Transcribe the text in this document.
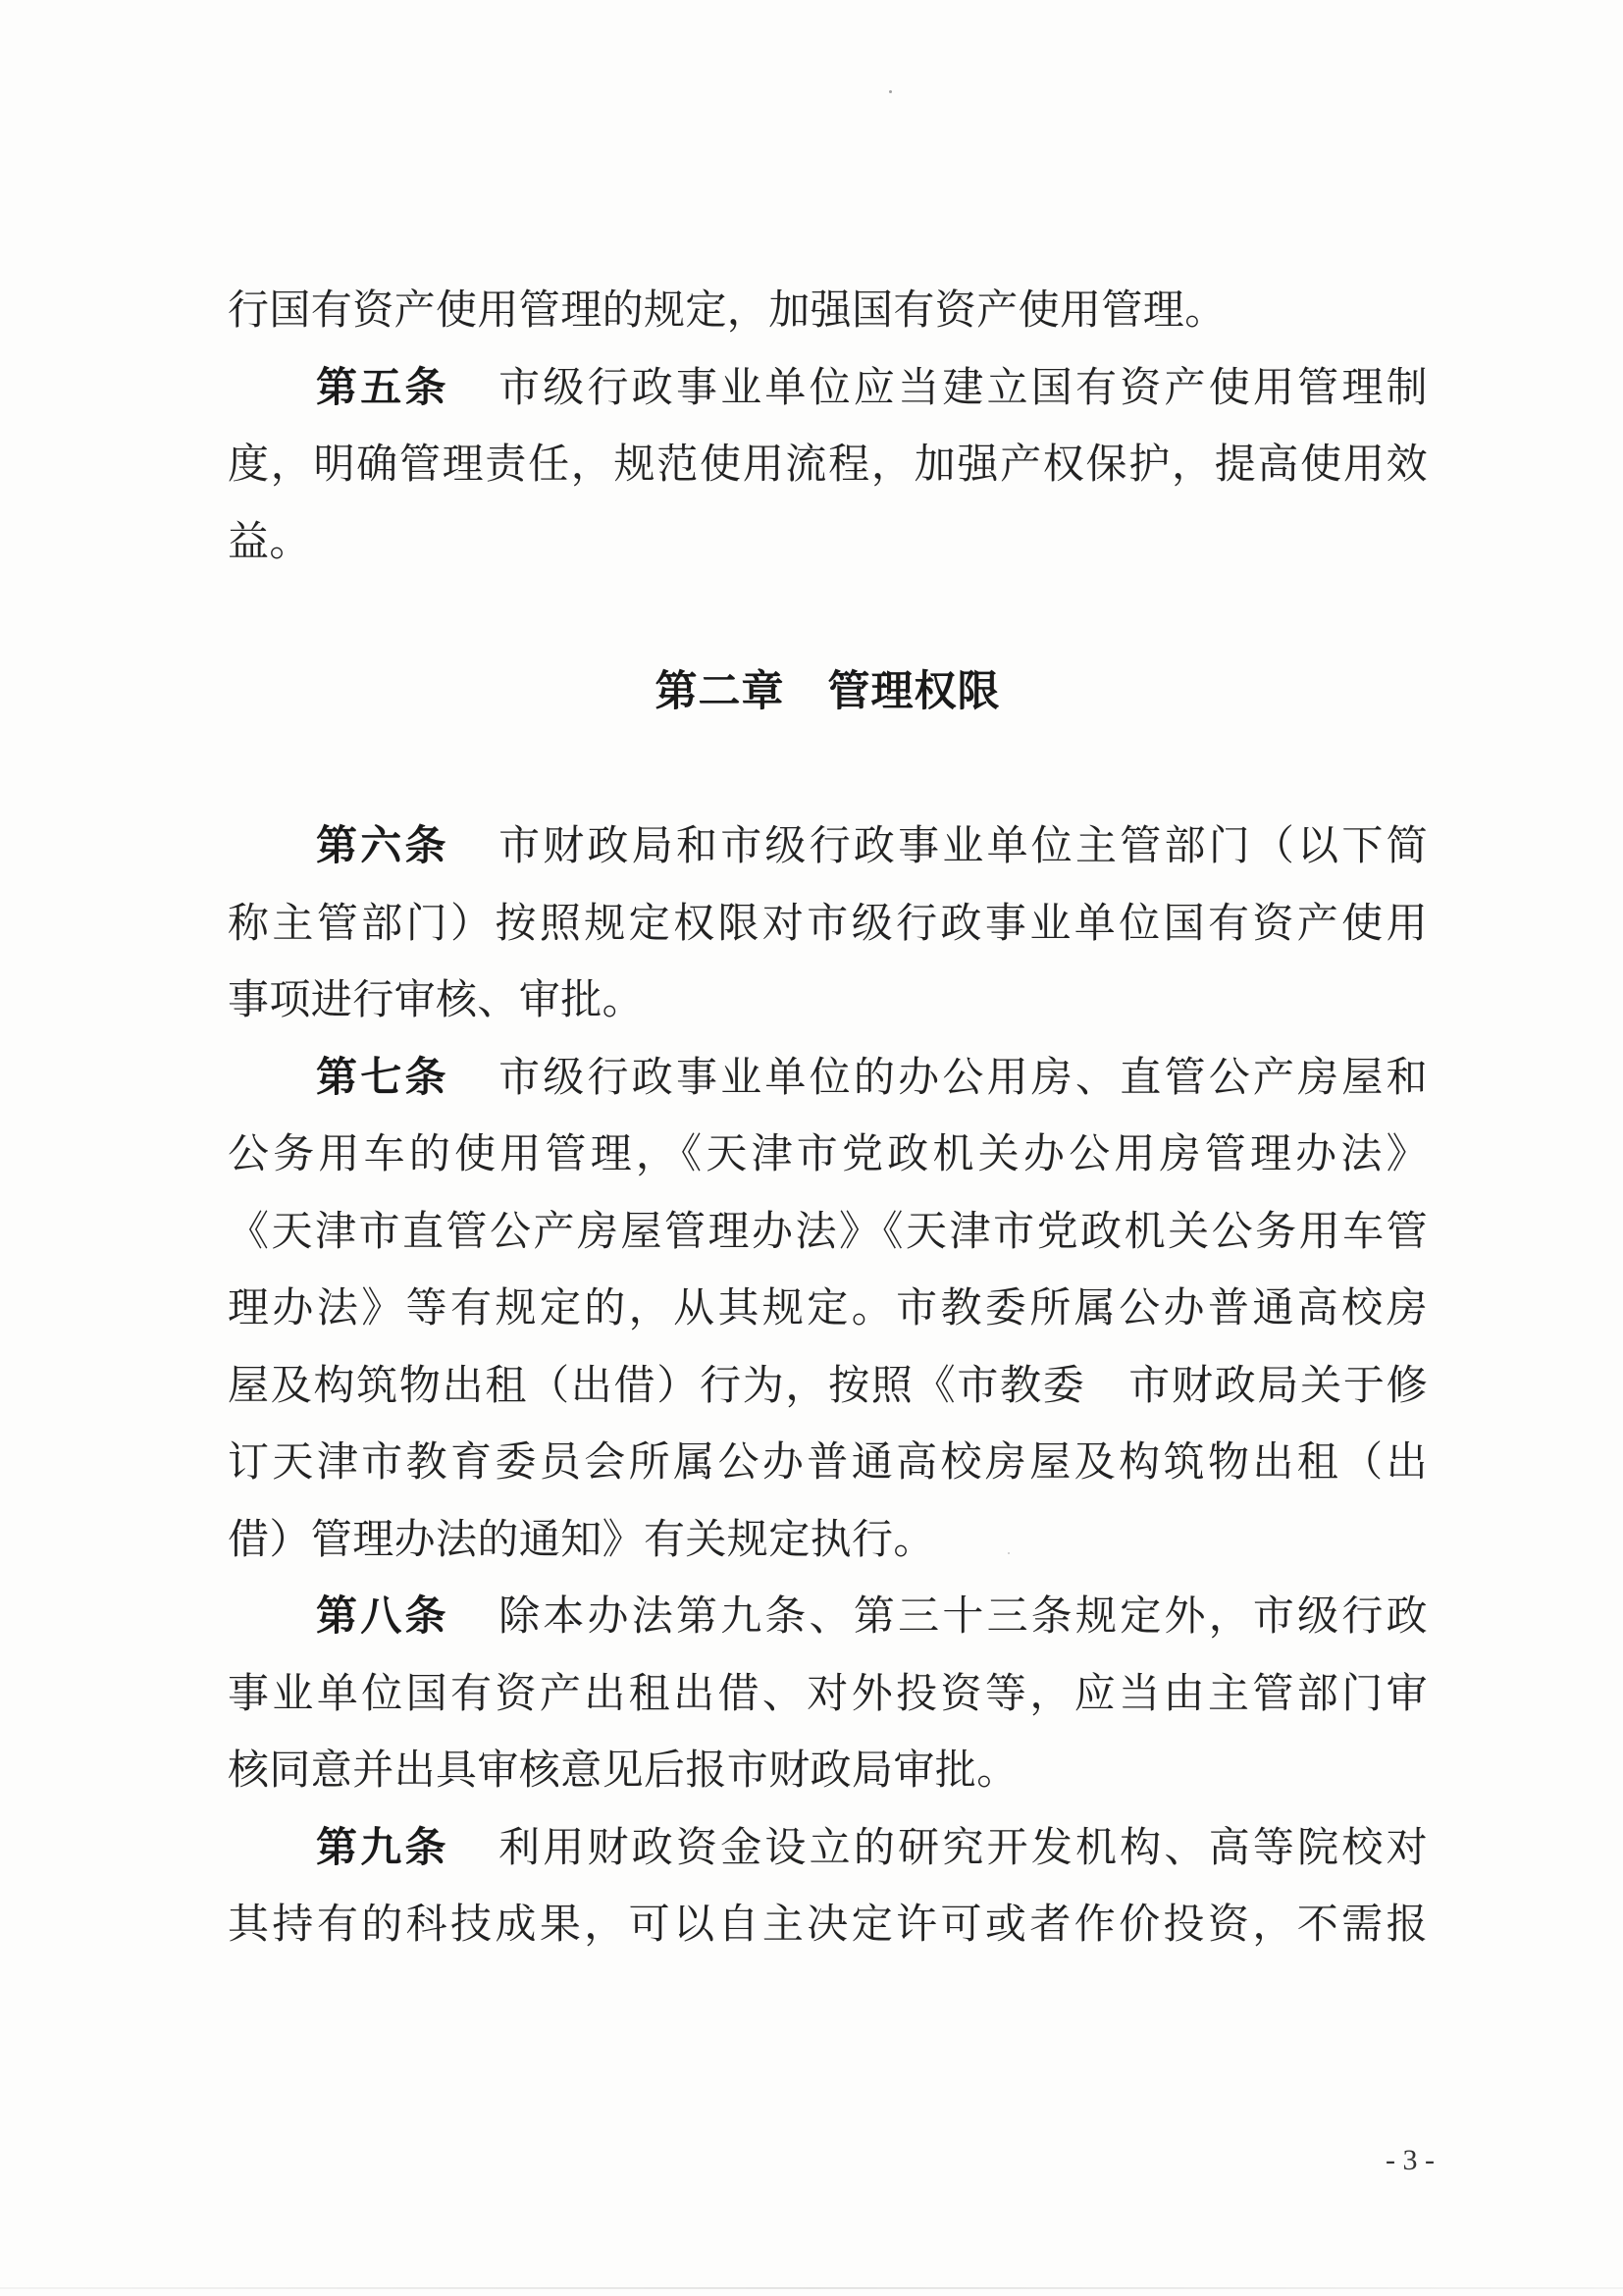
行国有资产使用管理的规定，加强国有资产使用管理。
第五条 市级行政事业单位应当建立国有资产使用管理制
度，明确管理责任，规范使用流程，加强产权保护，提高使用效
益。
第二章　管理权限
第六条 市财政局和市级行政事业单位主管部门（以下简
称主管部门）按照规定权限对市级行政事业单位国有资产使用
事项进行审核、审批。
第七条 市级行政事业单位的办公用房、直管公产房屋和
公务用车的使用管理，《天津市党政机关办公用房管理办法》
《天津市直管公产房屋管理办法》《天津市党政机关公务用车管
理办法》等有规定的，从其规定。市教委所属公办普通高校房
屋及构筑物出租（出借）行为，按照《市教委　市财政局关于修
订天津市教育委员会所属公办普通高校房屋及构筑物出租（出
借）管理办法的通知》有关规定执行。
第八条 除本办法第九条、第三十三条规定外，市级行政
事业单位国有资产出租出借、对外投资等，应当由主管部门审
核同意并出具审核意见后报市财政局审批。
第九条 利用财政资金设立的研究开发机构、高等院校对
其持有的科技成果，可以自主决定许可或者作价投资，不需报
- 3 -
